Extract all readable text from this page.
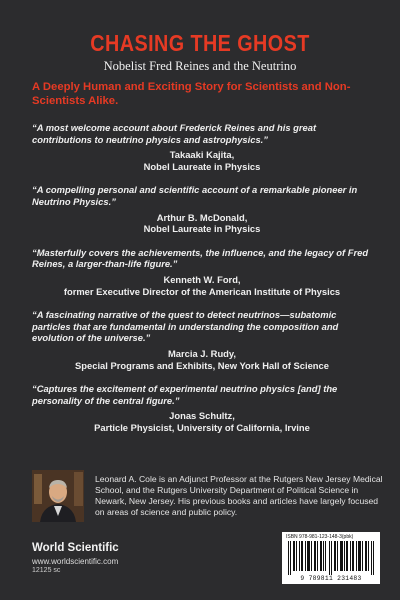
CHASING THE GHOST
Nobelist Fred Reines and the Neutrino
A Deeply Human and Exciting Story for Scientists and Non-Scientists Alike.
“A most welcome account about Frederick Reines and his great contributions to neutrino physics and astrophysics.”
Takaaki Kajita,
Nobel Laureate in Physics
“A compelling personal and scientific account of a remarkable pioneer in Neutrino Physics.”
Arthur B. McDonald,
Nobel Laureate in Physics
“Masterfully covers the achievements, the influence, and the legacy of Fred Reines, a larger-than-life figure.”
Kenneth W. Ford,
former Executive Director of the American Institute of Physics
“A fascinating narrative of the quest to detect neutrinos—subatomic particles that are fundamental in understanding the composition and evolution of the universe.”
Marcia J. Rudy,
Special Programs and Exhibits, New York Hall of Science
“Captures the excitement of experimental neutrino physics [and] the personality of the central figure.”
Jonas Schultz,
Particle Physicist, University of California, Irvine
Leonard A. Cole is an Adjunct Professor at the Rutgers New Jersey Medical School, and the Rutgers University Department of Political Science in Newark, New Jersey. His previous books and articles have largely focused on areas of science and public policy.
World Scientific
www.worldscientific.com
12125 sc
ISBN 978-981-123-148-3(pbk)
9 789811 231483
